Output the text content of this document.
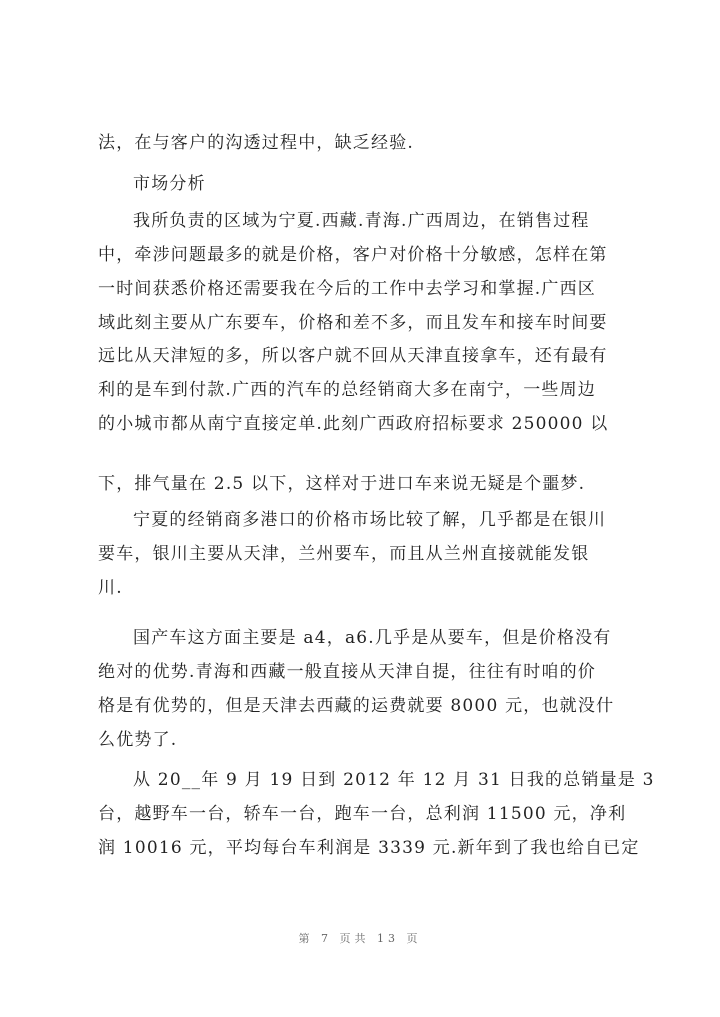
法，在与客户的沟透过程中，缺乏经验.
市场分析
我所负责的区域为宁夏.西藏.青海.广西周边，在销售过程
中，牵涉问题最多的就是价格，客户对价格十分敏感，怎样在第
一时间获悉价格还需要我在今后的工作中去学习和掌握.广西区
域此刻主要从广东要车，价格和差不多，而且发车和接车时间要
远比从天津短的多，所以客户就不回从天津直接拿车，还有最有
利的是车到付款.广西的汽车的总经销商大多在南宁，一些周边
的小城市都从南宁直接定单.此刻广西政府招标要求 250000 以
下，排气量在 2.5 以下，这样对于进口车来说无疑是个噩梦.
宁夏的经销商多港口的价格市场比较了解，几乎都是在银川
要车，银川主要从天津，兰州要车，而且从兰州直接就能发银
川.
国产车这方面主要是 a4，a6.几乎是从要车，但是价格没有
绝对的优势.青海和西藏一般直接从天津自提，往往有时咱的价
格是有优势的，但是天津去西藏的运费就要 8000 元，也就没什
么优势了.
从 20__年 9 月 19 日到 2012 年 12 月 31 日我的总销量是 3
台，越野车一台，轿车一台，跑车一台，总利润 11500 元，净利
润 10016 元，平均每台车利润是 3339 元.新年到了我也给自已定
第 7 页共 13 页
